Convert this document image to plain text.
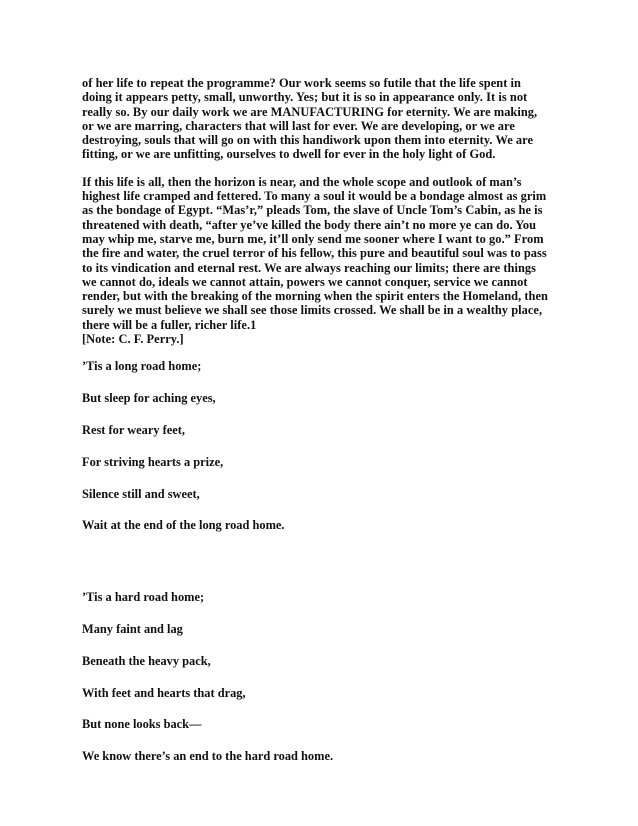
of her life to repeat the programme? Our work seems so futile that the life spent in doing it appears petty, small, unworthy. Yes; but it is so in appearance only. It is not really so. By our daily work we are MANUFACTURING for eternity. We are making, or we are marring, characters that will last for ever. We are developing, or we are destroying, souls that will go on with this handiwork upon them into eternity. We are fitting, or we are unfitting, ourselves to dwell for ever in the holy light of God.

If this life is all, then the horizon is near, and the whole scope and outlook of man’s highest life cramped and fettered. To many a soul it would be a bondage almost as grim as the bondage of Egypt. “Mas’r,” pleads Tom, the slave of Uncle Tom’s Cabin, as he is threatened with death, “after ye’ve killed the body there ain’t no more ye can do. You may whip me, starve me, burn me, it’ll only send me sooner where I want to go.” From the fire and water, the cruel terror of his fellow, this pure and beautiful soul was to pass to its vindication and eternal rest. We are always reaching our limits; there are things we cannot do, ideals we cannot attain, powers we cannot conquer, service we cannot render, but with the breaking of the morning when the spirit enters the Homeland, then surely we must believe we shall see those limits crossed. We shall be in a wealthy place, there will be a fuller, richer life.1
[Note: C. F. Perry.]

’Tis a long road home;

But sleep for aching eyes,

Rest for weary feet,

For striving hearts a prize,

Silence still and sweet,

Wait at the end of the long road home.

’Tis a hard road home;

Many faint and lag

Beneath the heavy pack,

With feet and hearts that drag,

But none looks back—

We know there’s an end to the hard road home.
